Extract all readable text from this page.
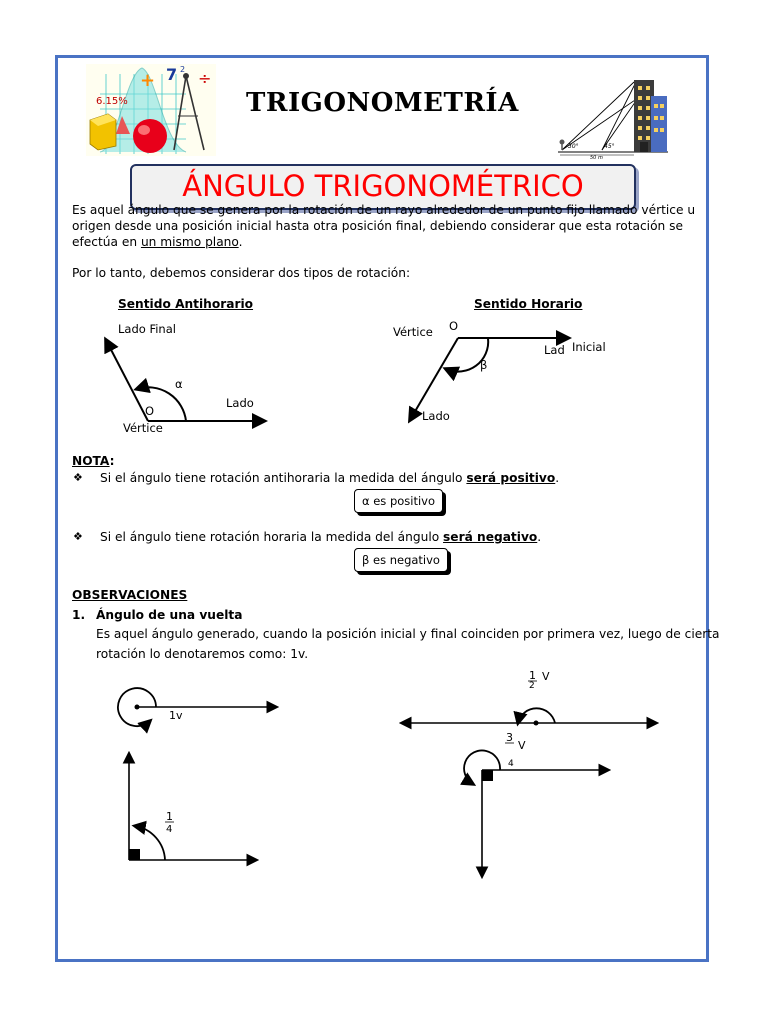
6.15%
7 2
+	÷
TRIGONOMETRÍA
30°	45°
50 m
ÁNGULO TRIGONOMÉTRICO
Es aquel ángulo que se genera por la rotación de un rayo alrededor de un punto fijo llamado vértice u
origen desde una posición inicial hasta otra posición final, debiendo considerar que esta rotación se
efectúa en un mismo plano.
Por lo tanto, debemos considerar dos tipos de rotación:
Sentido Antihorario	Sentido Horario
Lado Final
α
O
Vértice
Lado
Vértice O
Lad Inicial
β
Lado
NOTA:
❖ Si el ángulo tiene rotación antihoraria la medida del ángulo será positivo.
α es positivo
❖ Si el ángulo tiene rotación horaria la medida del ángulo será negativo.
β es negativo
OBSERVACIONES
1. Ángulo de una vuelta
Es aquel ángulo generado, cuando la posición inicial y final coinciden por primera vez, luego de cierta
rotación lo denotaremos como: 1v.
1v
1
2
V
3
4
V
1
4
